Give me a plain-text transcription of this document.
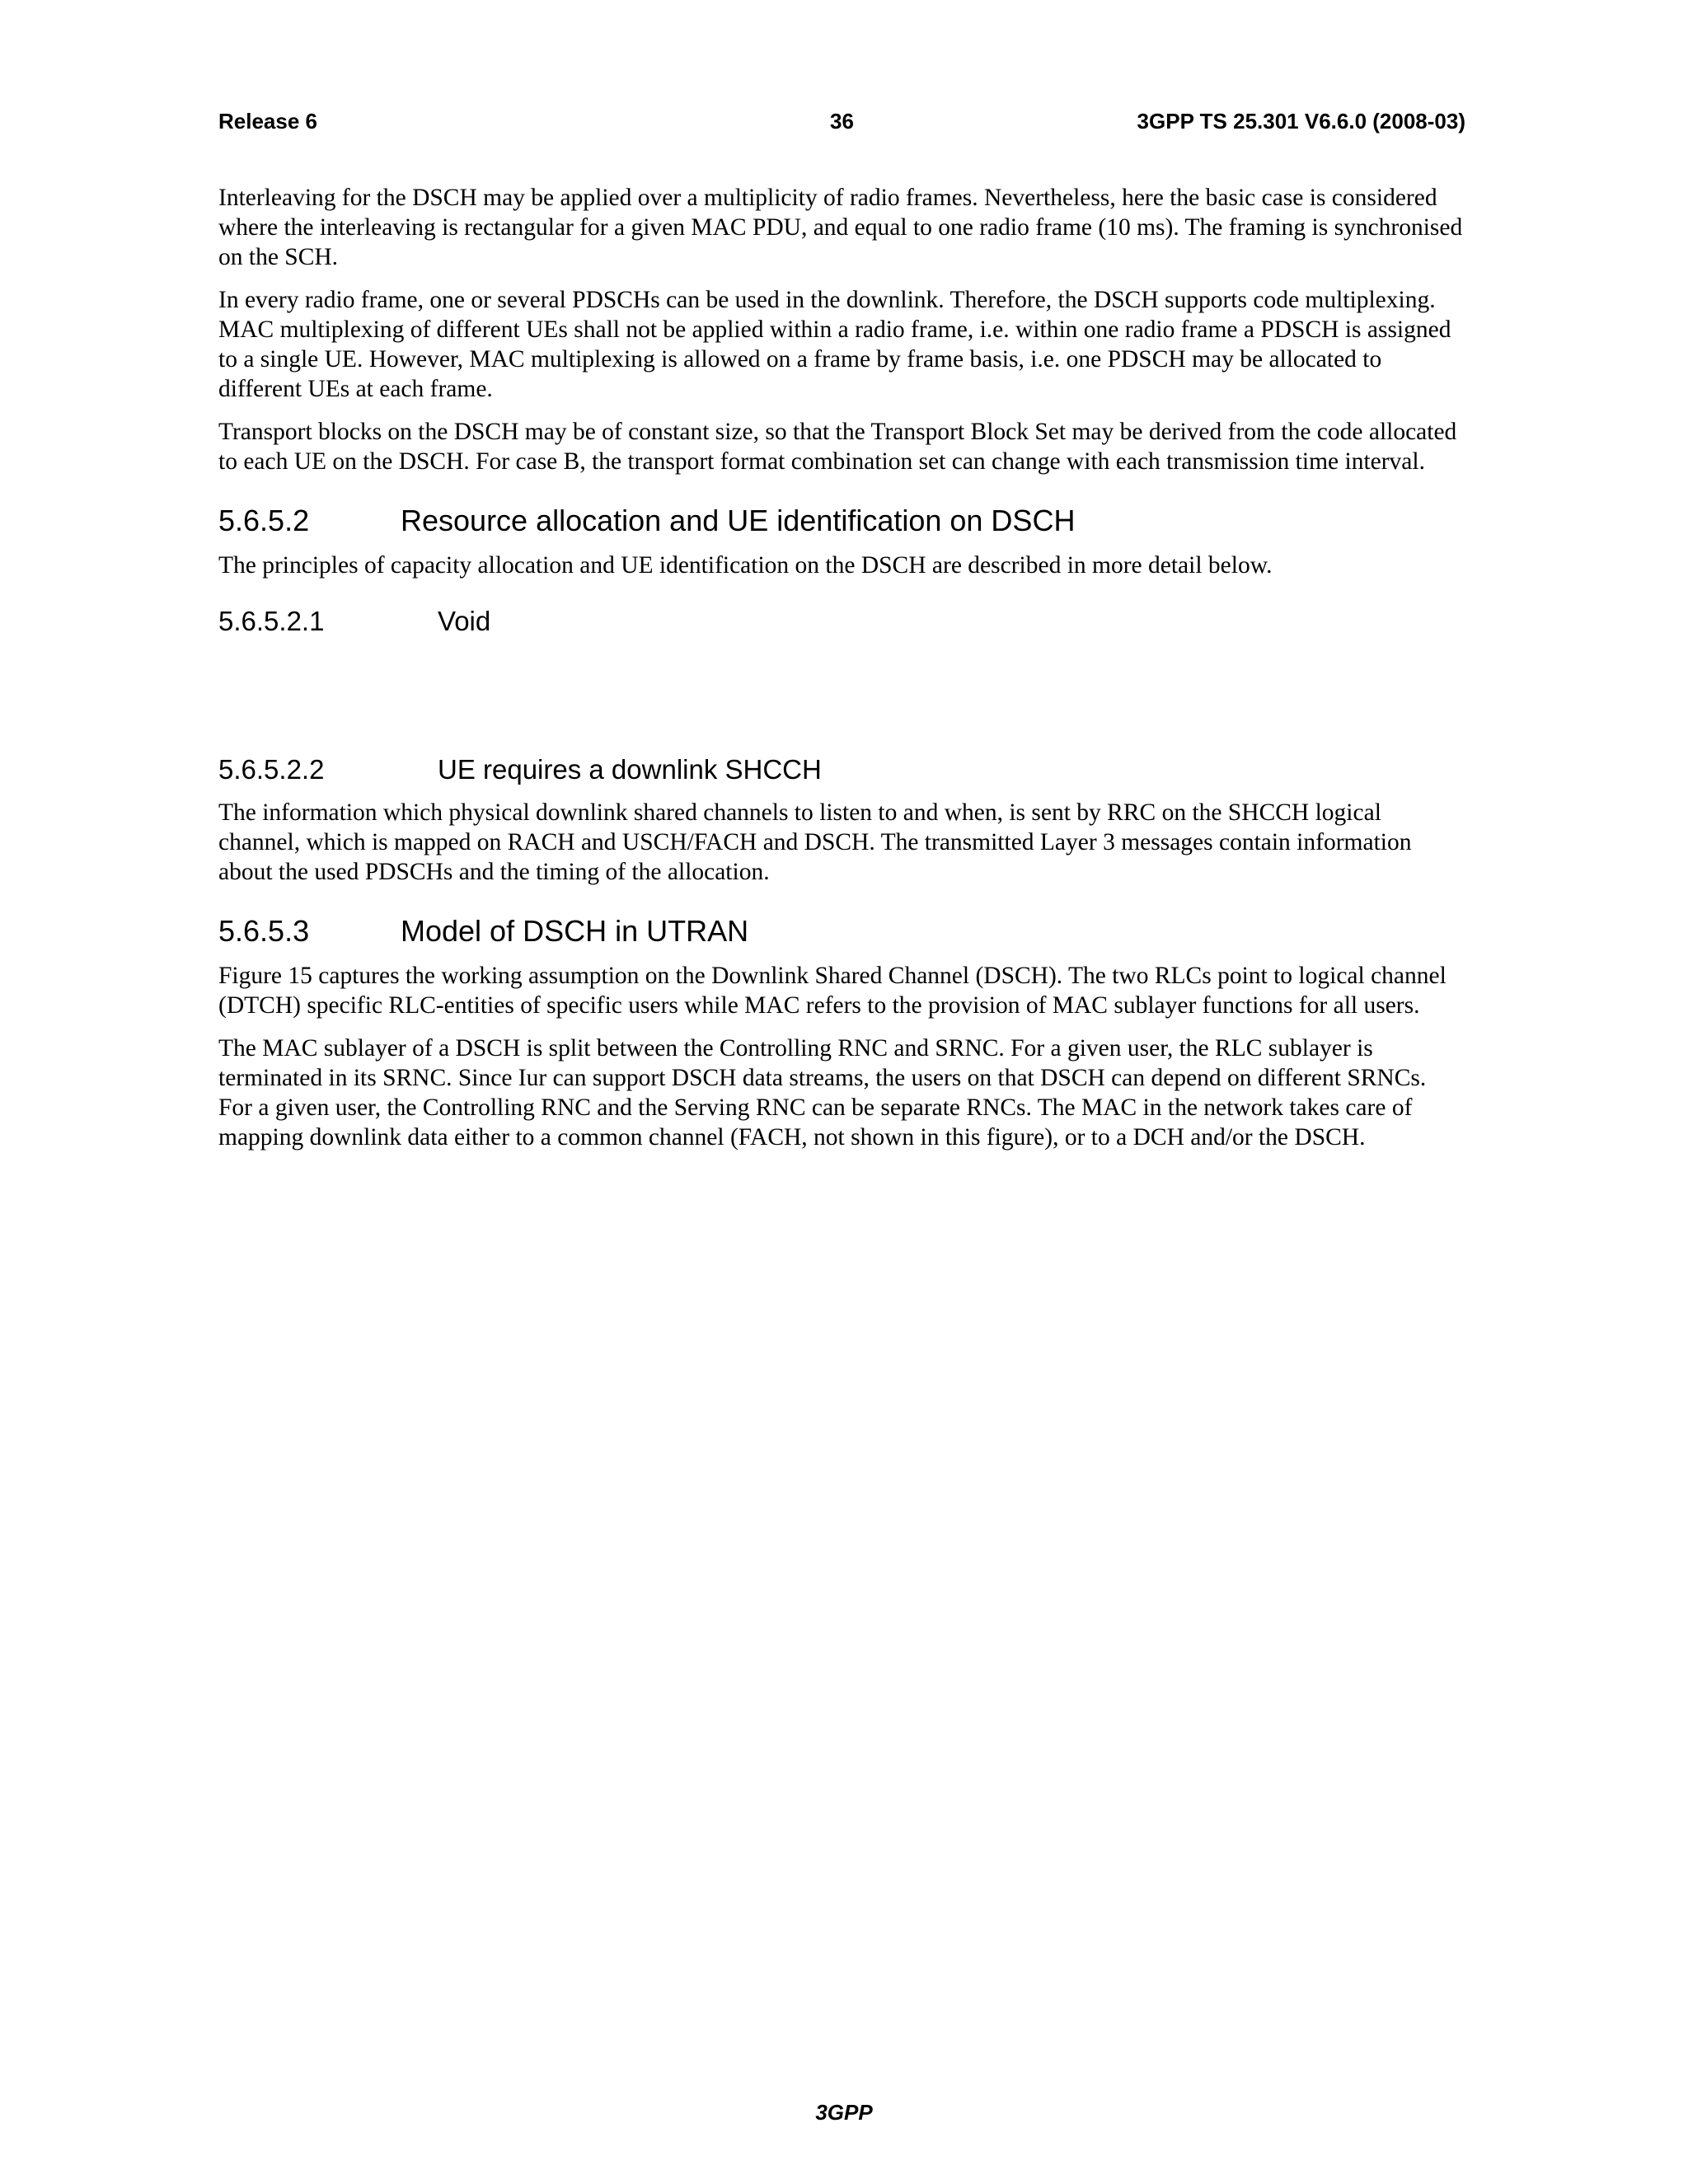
Release 6	36	3GPP TS 25.301 V6.6.0 (2008-03)

Interleaving for the DSCH may be applied over a multiplicity of radio frames. Nevertheless, here the basic case is considered where the interleaving is rectangular for a given MAC PDU, and equal to one radio frame (10 ms). The framing is synchronised on the SCH.

In every radio frame, one or several PDSCHs can be used in the downlink. Therefore, the DSCH supports code multiplexing. MAC multiplexing of different UEs shall not be applied within a radio frame, i.e. within one radio frame a PDSCH is assigned to a single UE. However, MAC multiplexing is allowed on a frame by frame basis, i.e. one PDSCH may be allocated to different UEs at each frame.

Transport blocks on the DSCH may be of constant size, so that the Transport Block Set may be derived from the code allocated to each UE on the DSCH. For case B, the transport format combination set can change with each transmission time interval.

5.6.5.2	Resource allocation and UE identification on DSCH

The principles of capacity allocation and UE identification on the DSCH are described in more detail below.

5.6.5.2.1	Void
5.6.5.2.2	UE requires a downlink SHCCH

The information which physical downlink shared channels to listen to and when, is sent by RRC on the SHCCH logical channel, which is mapped on RACH and USCH/FACH and DSCH. The transmitted Layer 3 messages contain information about the used PDSCHs and the timing of the allocation.

5.6.5.3	Model of DSCH in UTRAN

Figure 15 captures the working assumption on the Downlink Shared Channel (DSCH). The two RLCs point to logical channel (DTCH) specific RLC-entities of specific users while MAC refers to the provision of MAC sublayer functions for all users.

The MAC sublayer of a DSCH is split between the Controlling RNC and SRNC. For a given user, the RLC sublayer is terminated in its SRNC. Since Iur can support DSCH data streams, the users on that DSCH can depend on different SRNCs. For a given user, the Controlling RNC and the Serving RNC can be separate RNCs. The MAC in the network takes care of mapping downlink data either to a common channel (FACH, not shown in this figure), or to a DCH and/or the DSCH.

3GPP
